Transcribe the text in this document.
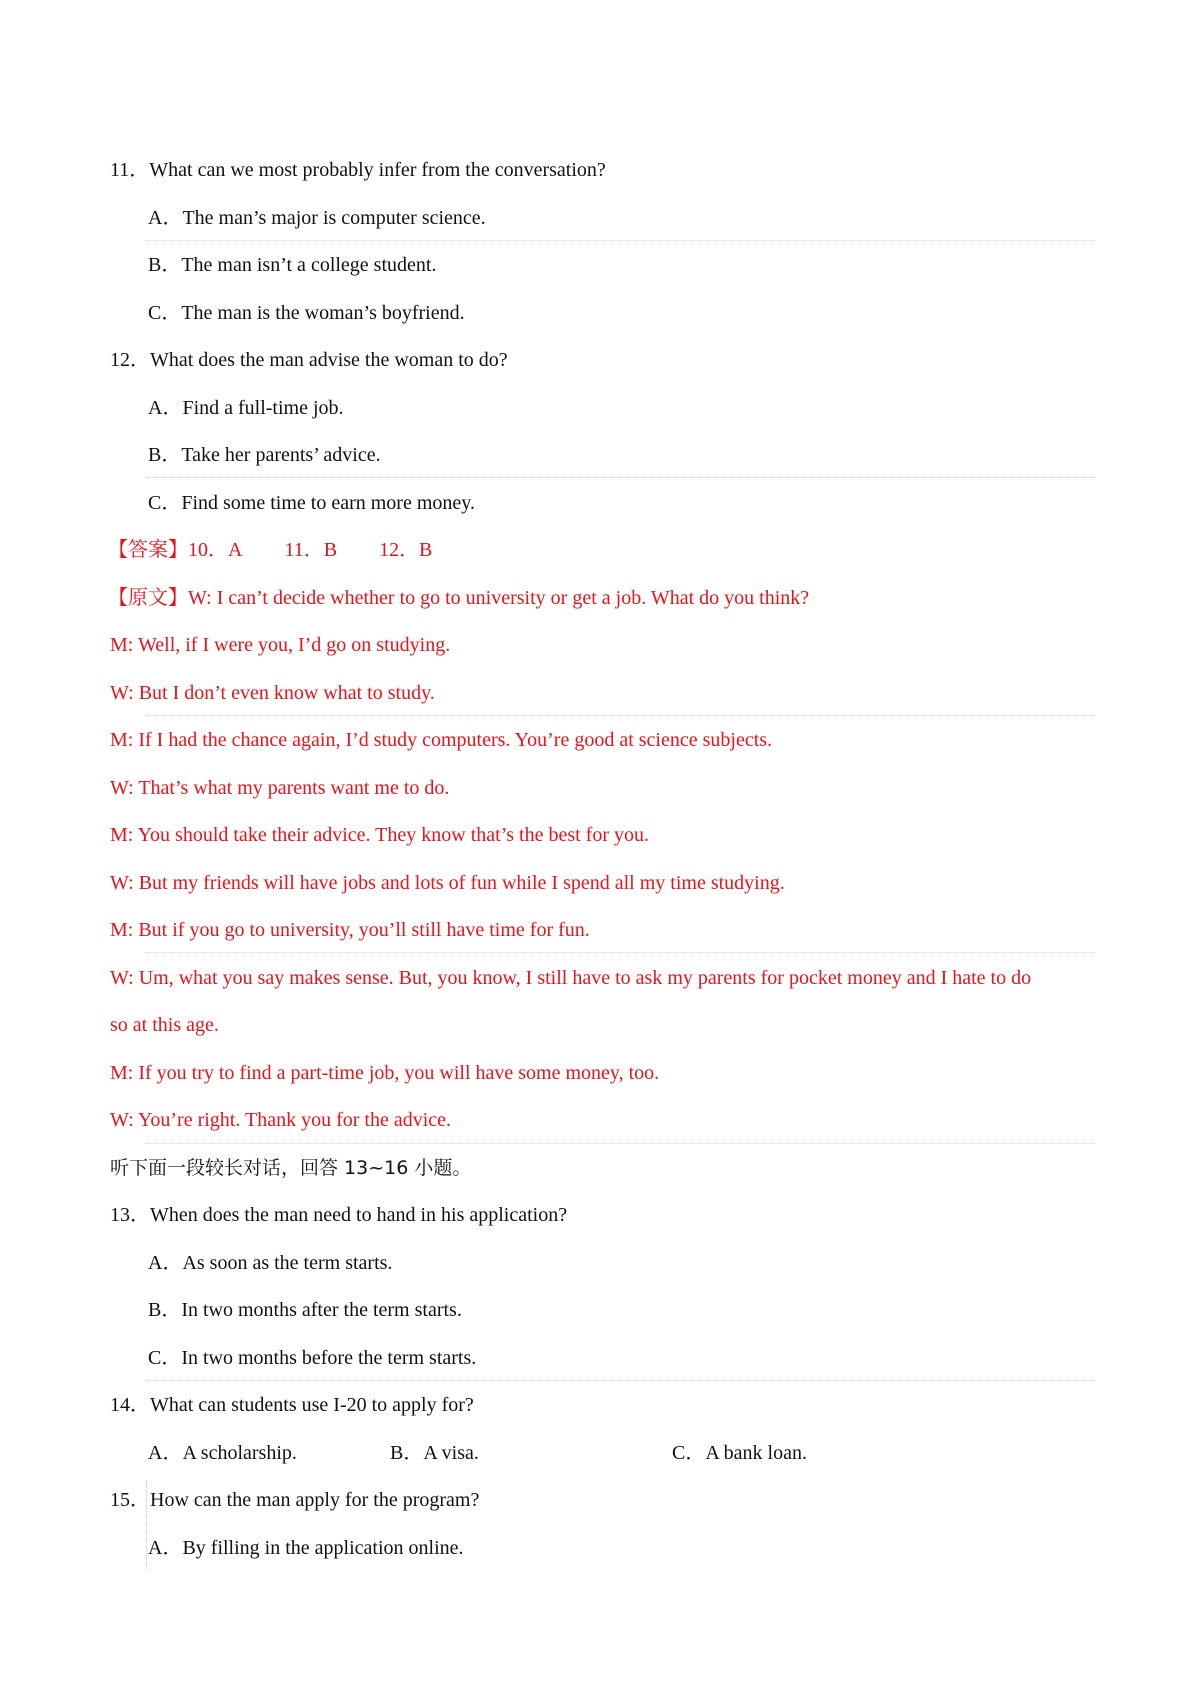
11．What can we most probably infer from the conversation?
A．The man’s major is computer science.
B．The man isn’t a college student.
C．The man is the woman’s boyfriend.
12．What does the man advise the woman to do?
A．Find a full-time job.
B．Take her parents’ advice.
C．Find some time to earn more money.
【答案】10．A 11．B 12．B
【原文】W: I can’t decide whether to go to university or get a job. What do you think?
M: Well, if I were you, I’d go on studying.
W: But I don’t even know what to study.
M: If I had the chance again, I’d study computers. You’re good at science subjects.
W: That’s what my parents want me to do.
M: You should take their advice. They know that’s the best for you.
W: But my friends will have jobs and lots of fun while I spend all my time studying.
M: But if you go to university, you’ll still have time for fun.
W: Um, what you say makes sense. But, you know, I still have to ask my parents for pocket money and I hate to do
so at this age.
M: If you try to find a part-time job, you will have some money, too.
W: You’re right. Thank you for the advice.
听下面一段较长对话，回答 13~16 小题。
13．When does the man need to hand in his application?
A．As soon as the term starts.
B．In two months after the term starts.
C．In two months before the term starts.
14．What can students use I-20 to apply for?
A．A scholarship.	B．A visa.	C．A bank loan.
15．How can the man apply for the program?
A．By filling in the application online.
